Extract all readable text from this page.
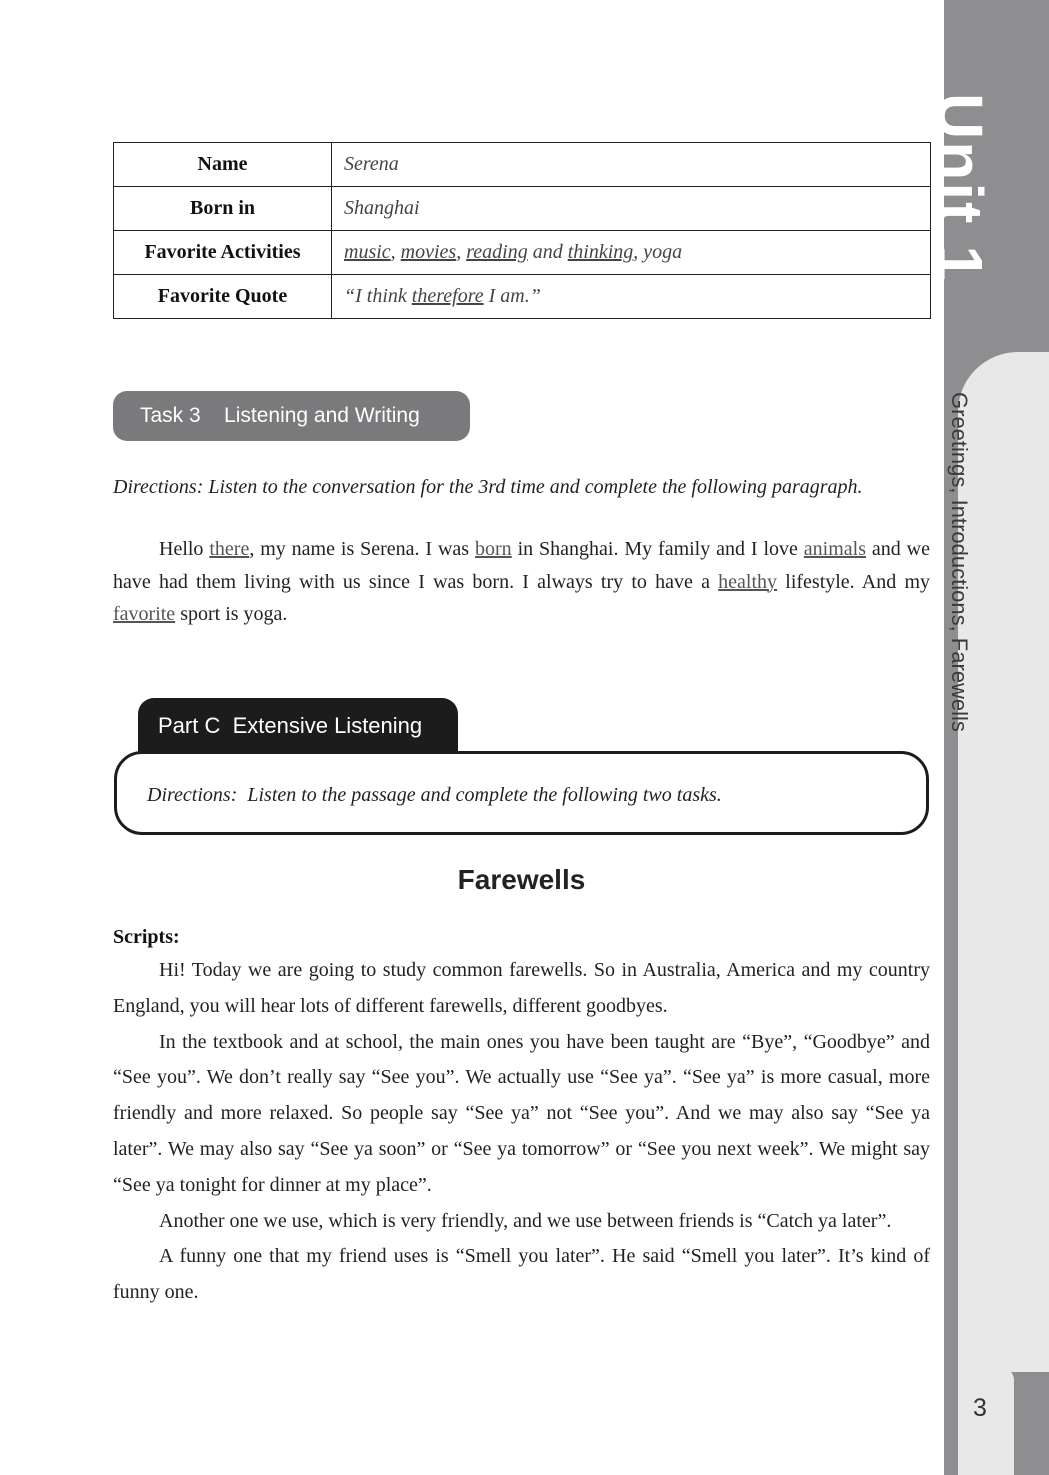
Unit 1
Greetings, Introductions, Farewells
3
Name	Serena
Born in	Shanghai
Favorite Activities	music, movies, reading and thinking, yoga
Favorite Quote	“I think therefore I am.”
Task 3    Listening and Writing
Directions: Listen to the conversation for the 3rd time and complete the following paragraph.
Hello there, my name is Serena. I was born in Shanghai. My family and I love animals and we have had them living with us since I was born. I always try to have a healthy lifestyle. And my favorite sport is yoga.
Part C  Extensive Listening
Directions:  Listen to the passage and complete the following two tasks.
Farewells
Scripts:

Hi! Today we are going to study common farewells. So in Australia, America and my country England, you will hear lots of different farewells, different goodbyes.

In the textbook and at school, the main ones you have been taught are “Bye”, “Goodbye” and “See you”. We don’t really say “See you”. We actually use “See ya”. “See ya” is more casual, more friendly and more relaxed. So people say “See ya” not “See you”. And we may also say “See ya later”. We may also say “See ya soon” or “See ya tomorrow” or “See you next week”. We might say “See ya tonight for dinner at my place”.

Another one we use, which is very friendly, and we use between friends is “Catch ya later”.

A funny one that my friend uses is “Smell you later”. He said “Smell you later”. It’s kind of funny one.
